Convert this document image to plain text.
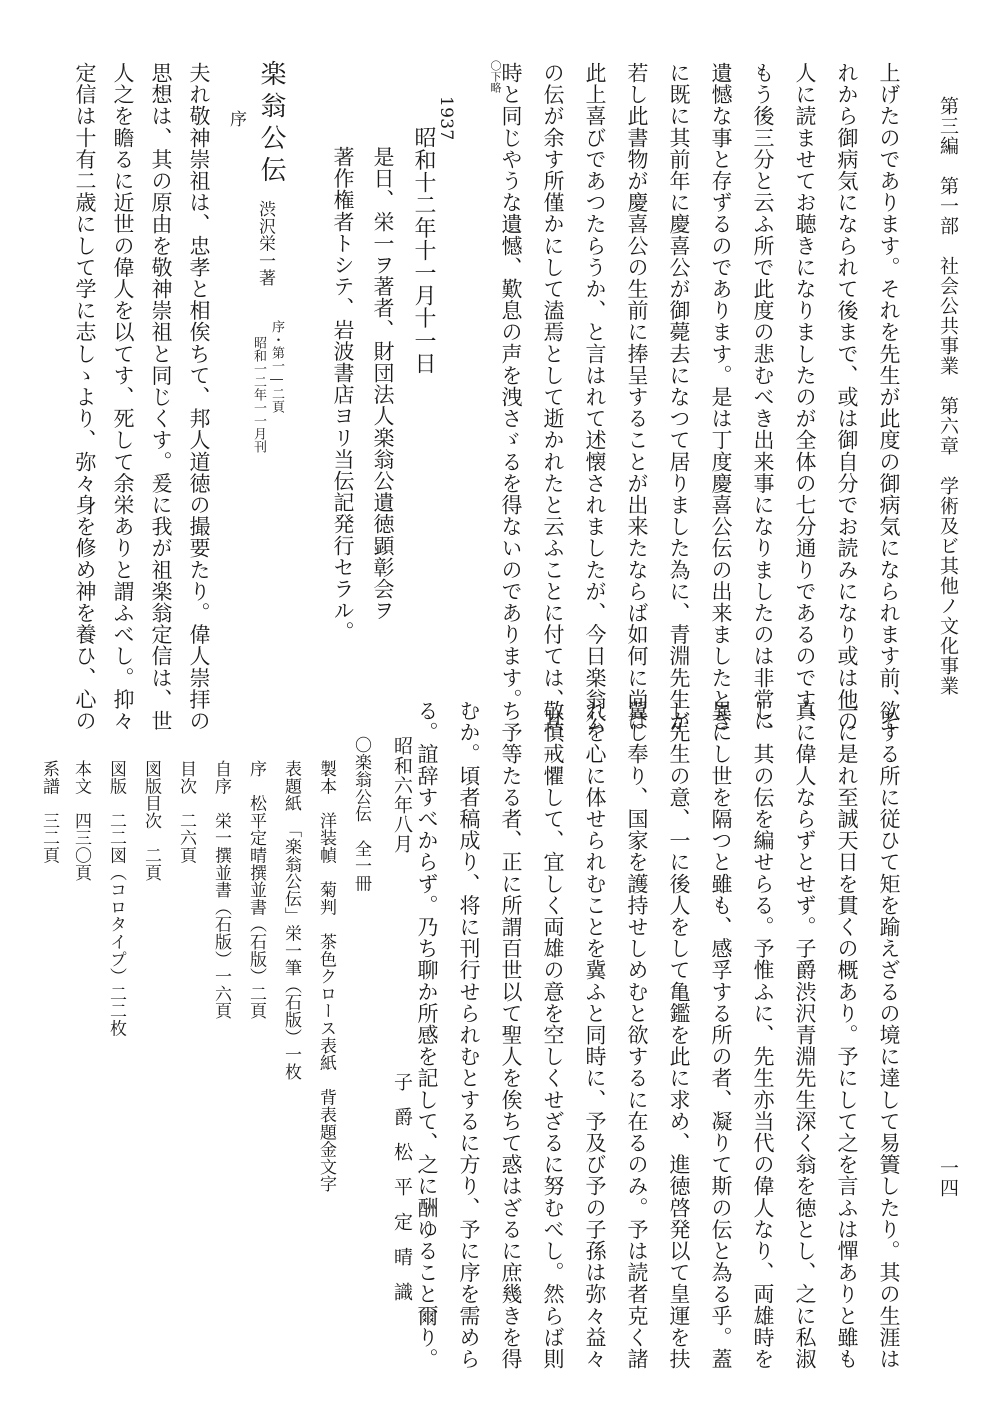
第三編　第一部　社会公共事業　第六章　学術及ビ其他ノ文化事業
一四
上げたのであります。それを先生が此度の御病気になられます前、そ
れから御病気になられて後まで、或は御自分でお読みになり或は他の
人に読ませてお聴きになりましたのが全体の七分通りであるのです、
もう後三分と云ふ所で此度の悲むべき出来事になりましたのは非常に
遺憾な事と存ずるのであります。是は丁度慶喜公伝の出来ましたとき
に既に其前年に慶喜公が御薨去になつて居りました為に、青淵先生が
若し此書物が慶喜公の生前に捧呈することが出来たならば如何に尚は
此上喜びであつたらうか、と言はれて述懐されましたが、今日楽翁公
の伝が余す所僅かにして溘焉として逝かれたと云ふことに付ては、其
時と同じやうな遺憾、歎息の声を洩さゞるを得ないのであります。
〇下略
1937
昭和十二年十一月十一日
是日、栄一ヲ著者、財団法人楽翁公遺徳顕彰会ヲ
著作権者トシテ、岩波書店ヨリ当伝記発行セラル。
楽翁公伝
渋沢栄一著
序・第一―二頁
昭和一二年一一月刊
序
夫れ敬神崇祖は、忠孝と相俟ちて、邦人道徳の撮要たり。偉人崇拝の
思想は、其の原由を敬神崇祖と同じくす。爰に我が祖楽翁定信は、世
人之を瞻るに近世の偉人を以てす、死して余栄ありと謂ふべし。抑々
定信は十有二歳にして学に志しゝより、弥々身を修め神を養ひ、心の
欲する所に従ひて矩を踰えざるの境に達して易簀したり。其の生涯は
一に是れ至誠天日を貫くの概あり。予にして之を言ふは憚ありと雖も
真に偉人ならずとせず。子爵渋沢青淵先生深く翁を徳とし、之に私淑
し、其の伝を編せらる。予惟ふに、先生亦当代の偉人なり、両雄時を
異にし世を隔つと雖も、感孚する所の者、凝りて斯の伝と為る乎。蓋
し先生の意、一に後人をして亀鑑を此に求め、進徳啓発以て皇運を扶
翼し奉り、国家を護持せしめむと欲するに在るのみ。予は読者克く諸
れを心に体せられむことを冀ふと同時に、予及び予の子孫は弥々益々
敬慎戒懼して、宜しく両雄の意を空しくせざるに努むべし。然らば則
ち予等たる者、正に所謂百世以て聖人を俟ちて惑はざるに庶幾きを得
むか。頃者稿成り、将に刊行せられむとするに方り、予に序を需めら
る。誼辞すべからず。乃ち聊か所感を記して、之に酬ゆること爾り。
昭和六年八月
子爵松平定晴識
〇楽翁公伝　全一冊
製本　洋装幀　菊判　茶色クロース表紙　背表題金文字
表題紙　「楽翁公伝」栄一筆（石版）一枚
序　松平定晴撰並書（石版）二頁
自序　栄一撰並書（石版）一六頁
目次　二六頁
図版目次　二頁
図版　二二図（コロタイプ）二二枚
本文　四三〇頁
系譜　三二頁
